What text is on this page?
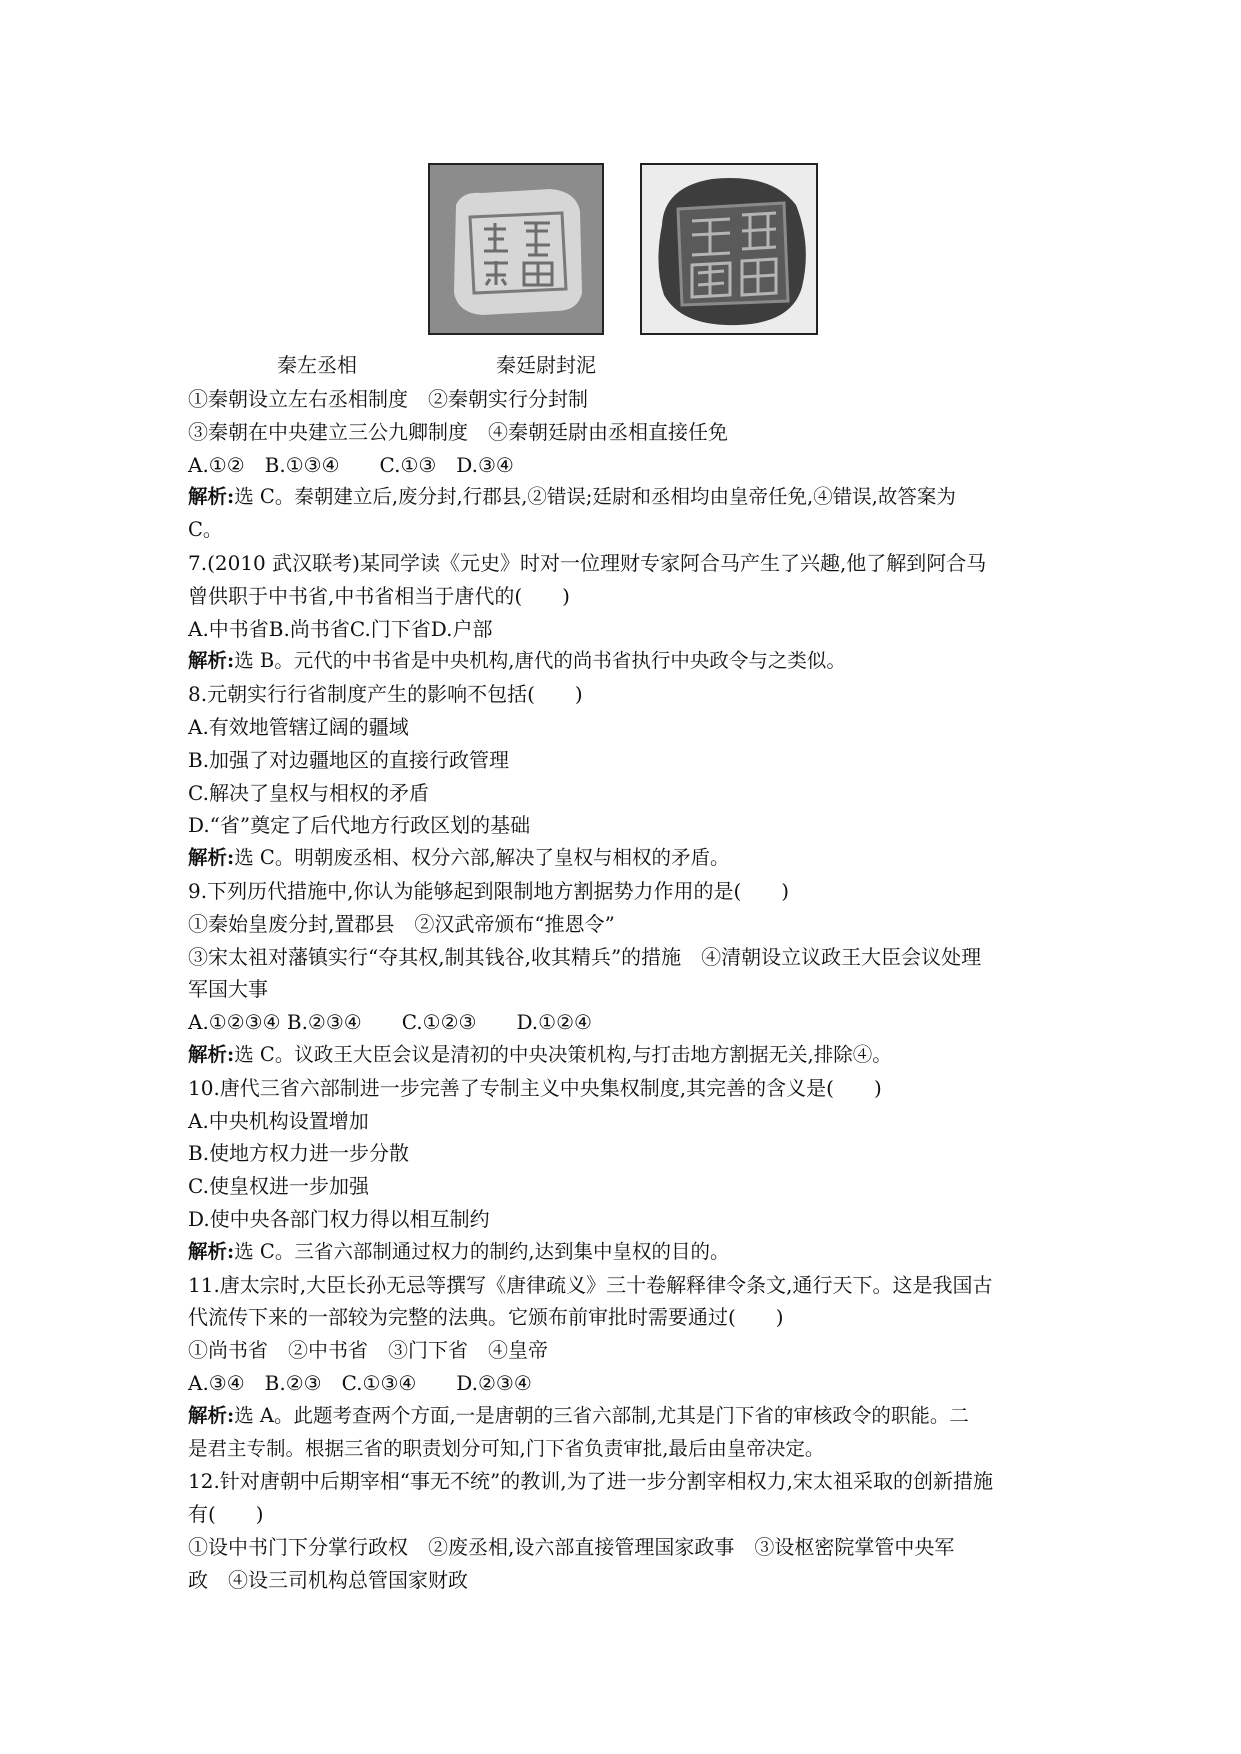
秦左丞相	秦廷尉封泥
①秦朝设立左右丞相制度　②秦朝实行分封制
③秦朝在中央建立三公九卿制度　④秦朝廷尉由丞相直接任免
A.①②　B.①③④　　C.①③　D.③④
解析:选 C。秦朝建立后,废分封,行郡县,②错误;廷尉和丞相均由皇帝任免,④错误,故答案为
C。
7.(2010 武汉联考)某同学读《元史》时对一位理财专家阿合马产生了兴趣,他了解到阿合马
曾供职于中书省,中书省相当于唐代的(　　)
A.中书省B.尚书省C.门下省D.户部
解析:选 B。元代的中书省是中央机构,唐代的尚书省执行中央政令与之类似。
8.元朝实行行省制度产生的影响不包括(　　)
A.有效地管辖辽阔的疆域
B.加强了对边疆地区的直接行政管理
C.解决了皇权与相权的矛盾
D.“省”奠定了后代地方行政区划的基础
解析:选 C。明朝废丞相、权分六部,解决了皇权与相权的矛盾。
9.下列历代措施中,你认为能够起到限制地方割据势力作用的是(　　)
①秦始皇废分封,置郡县　②汉武帝颁布“推恩令”
③宋太祖对藩镇实行“夺其权,制其钱谷,收其精兵”的措施　④清朝设立议政王大臣会议处理
军国大事
A.①②③④ B.②③④　　C.①②③　　D.①②④
解析:选 C。议政王大臣会议是清初的中央决策机构,与打击地方割据无关,排除④。
10.唐代三省六部制进一步完善了专制主义中央集权制度,其完善的含义是(　　)
A.中央机构设置增加
B.使地方权力进一步分散
C.使皇权进一步加强
D.使中央各部门权力得以相互制约
解析:选 C。三省六部制通过权力的制约,达到集中皇权的目的。
11.唐太宗时,大臣长孙无忌等撰写《唐律疏义》三十卷解释律令条文,通行天下。这是我国古
代流传下来的一部较为完整的法典。它颁布前审批时需要通过(　　)
①尚书省　②中书省　③门下省　④皇帝
A.③④　B.②③　C.①③④　　D.②③④
解析:选 A。此题考查两个方面,一是唐朝的三省六部制,尤其是门下省的审核政令的职能。二
是君主专制。根据三省的职责划分可知,门下省负责审批,最后由皇帝决定。
12.针对唐朝中后期宰相“事无不统”的教训,为了进一步分割宰相权力,宋太祖采取的创新措施
有(　　)
①设中书门下分掌行政权　②废丞相,设六部直接管理国家政事　③设枢密院掌管中央军
政　④设三司机构总管国家财政
